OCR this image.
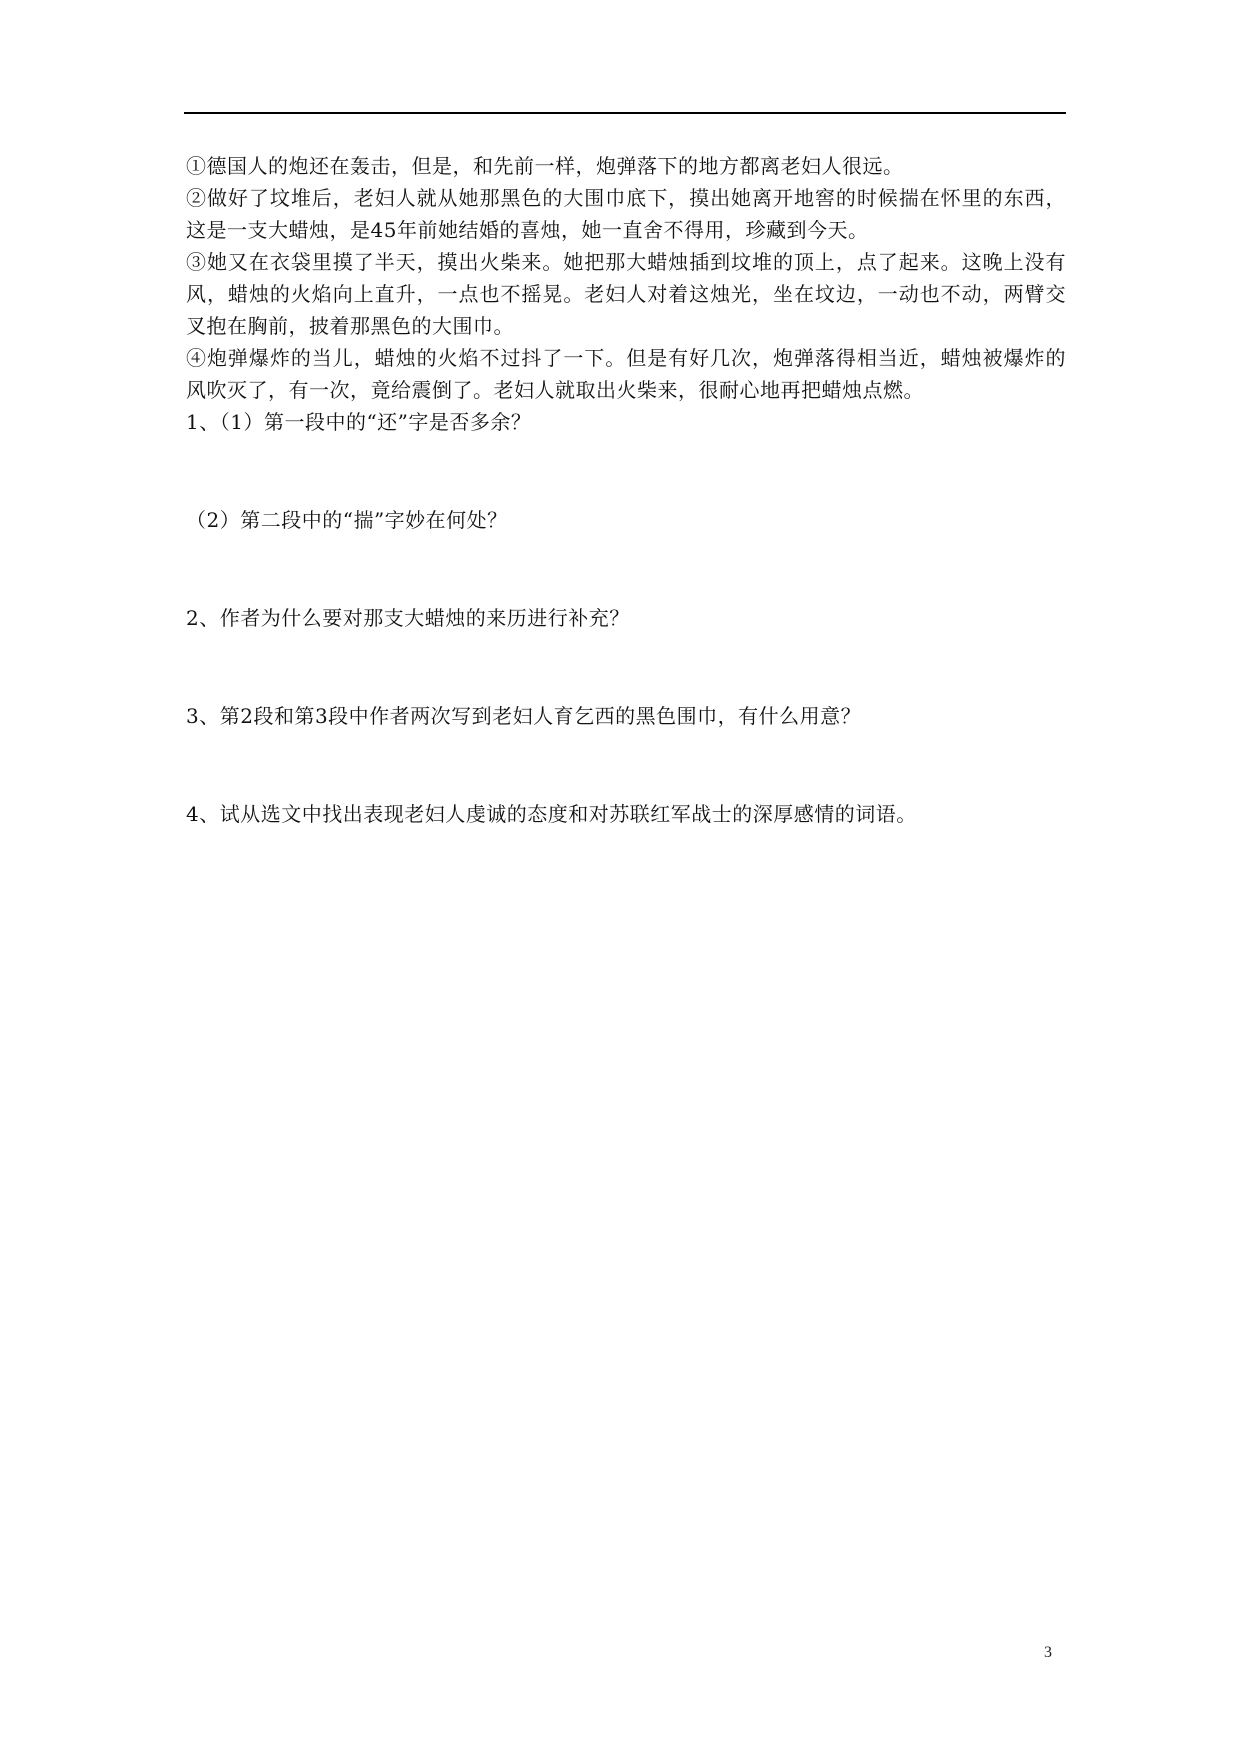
①德国人的炮还在轰击，但是，和先前一样，炮弹落下的地方都离老妇人很远。

②做好了坟堆后，老妇人就从她那黑色的大围巾底下，摸出她离开地窖的时候揣在怀里的东西，这是一支大蜡烛，是45年前她结婚的喜烛，她一直舍不得用，珍藏到今天。

③她又在衣袋里摸了半天，摸出火柴来。她把那大蜡烛插到坟堆的顶上，点了起来。这晚上没有风，蜡烛的火焰向上直升，一点也不摇晃。老妇人对着这烛光，坐在坟边，一动也不动，两臂交叉抱在胸前，披着那黑色的大围巾。

④炮弹爆炸的当儿，蜡烛的火焰不过抖了一下。但是有好几次，炮弹落得相当近，蜡烛被爆炸的风吹灭了，有一次，竟给震倒了。老妇人就取出火柴来，很耐心地再把蜡烛点燃。

1、（1）第一段中的“还”字是否多余？

（2）第二段中的“揣”字妙在何处？

2、作者为什么要对那支大蜡烛的来历进行补充？

3、第2段和第3段中作者两次写到老妇人育乞西的黑色围巾，有什么用意？

4、试从选文中找出表现老妇人虔诚的态度和对苏联红军战士的深厚感情的词语。

3
